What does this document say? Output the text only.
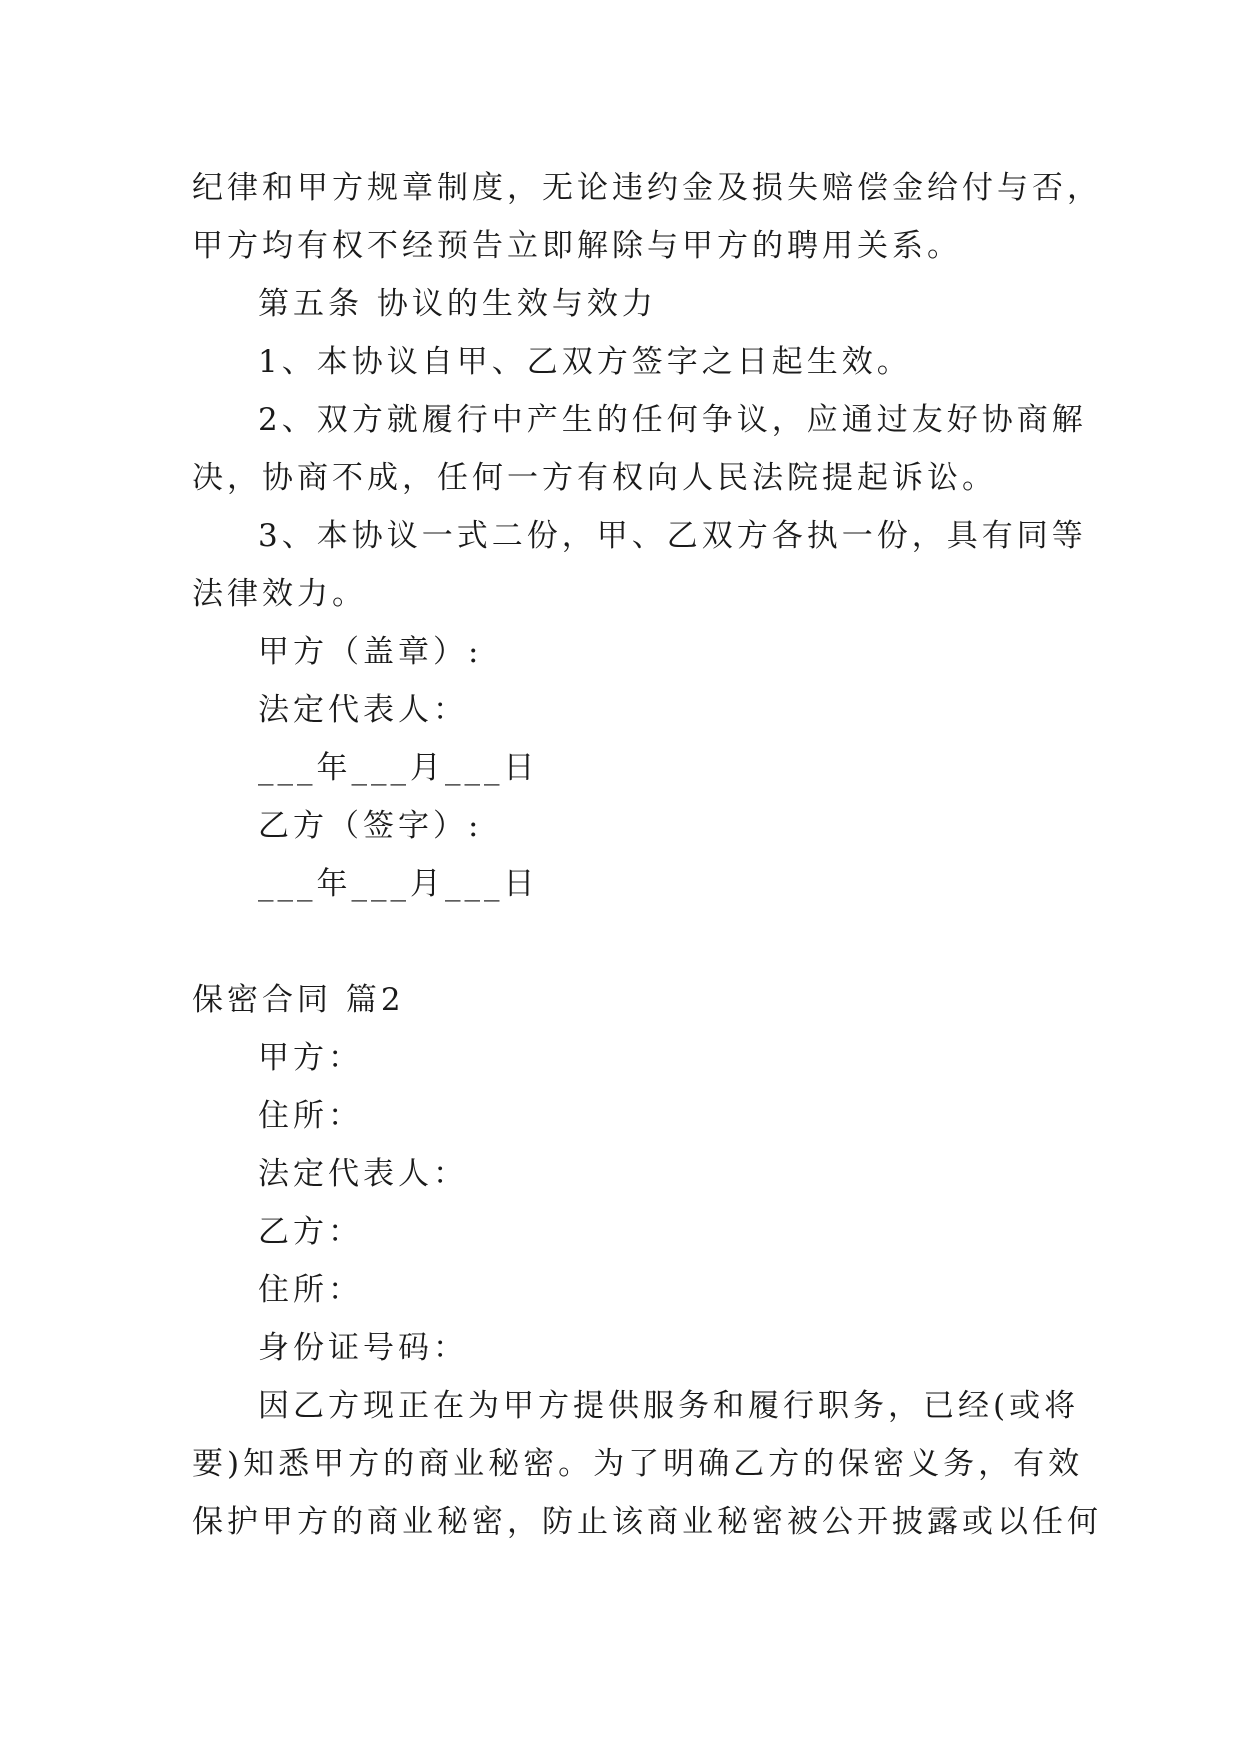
纪律和甲方规章制度，无论违约金及损失赔偿金给付与否，
甲方均有权不经预告立即解除与甲方的聘用关系。
第五条 协议的生效与效力
1、本协议自甲、乙双方签字之日起生效。
2、双方就履行中产生的任何争议，应通过友好协商解
决，协商不成，任何一方有权向人民法院提起诉讼。
3、本协议一式二份，甲、乙双方各执一份，具有同等
法律效力。
甲方（盖章）:
法定代表人：
___年___月___日
乙方（签字）:
___年___月___日
保密合同 篇2
甲方：
住所：
法定代表人：
乙方：
住所：
身份证号码：
因乙方现正在为甲方提供服务和履行职务，已经(或将
要)知悉甲方的商业秘密。为了明确乙方的保密义务，有效
保护甲方的商业秘密，防止该商业秘密被公开披露或以任何
